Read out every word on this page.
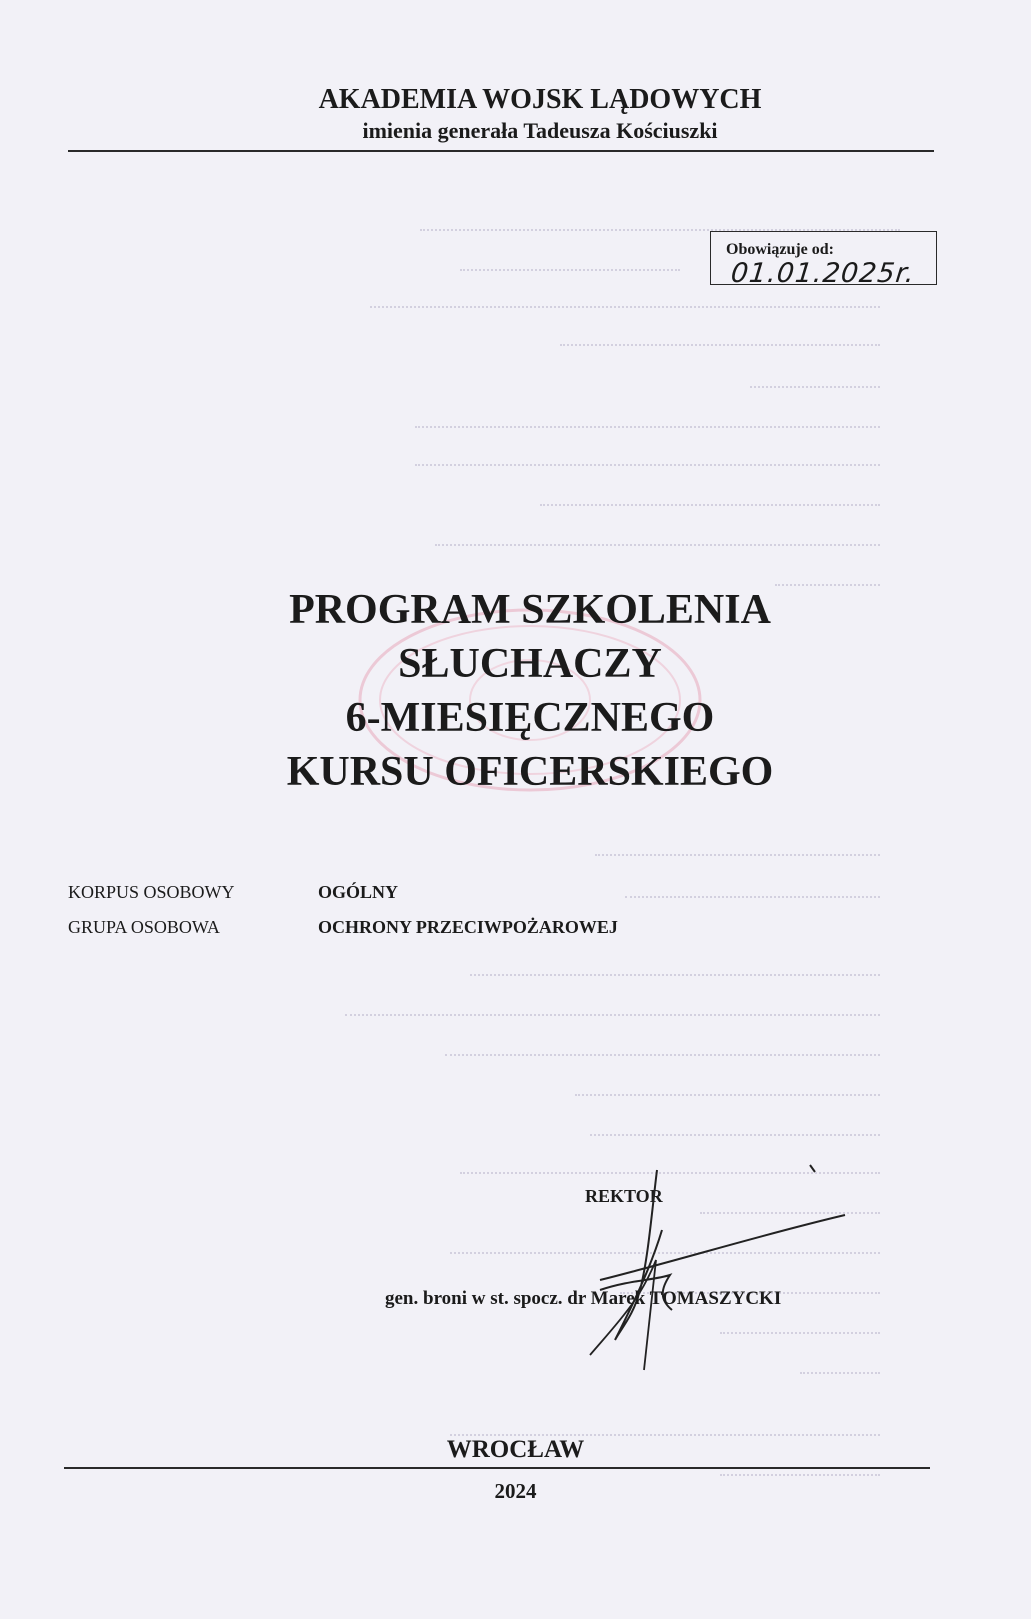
AKADEMIA WOJSK LĄDOWYCH
imienia generała Tadeusza Kościuszki
Obowiązuje od:
01.01.2025r.
PROGRAM SZKOLENIA
SŁUCHACZY
6-MIESIĘCZNEGO
KURSU OFICERSKIEGO
KORPUS OSOBOWY	OGÓLNY
GRUPA OSOBOWA	OCHRONY PRZECIWPOŻAROWEJ
REKTOR
gen. broni w st. spocz. dr Marek TOMASZYCKI
WROCŁAW
2024
